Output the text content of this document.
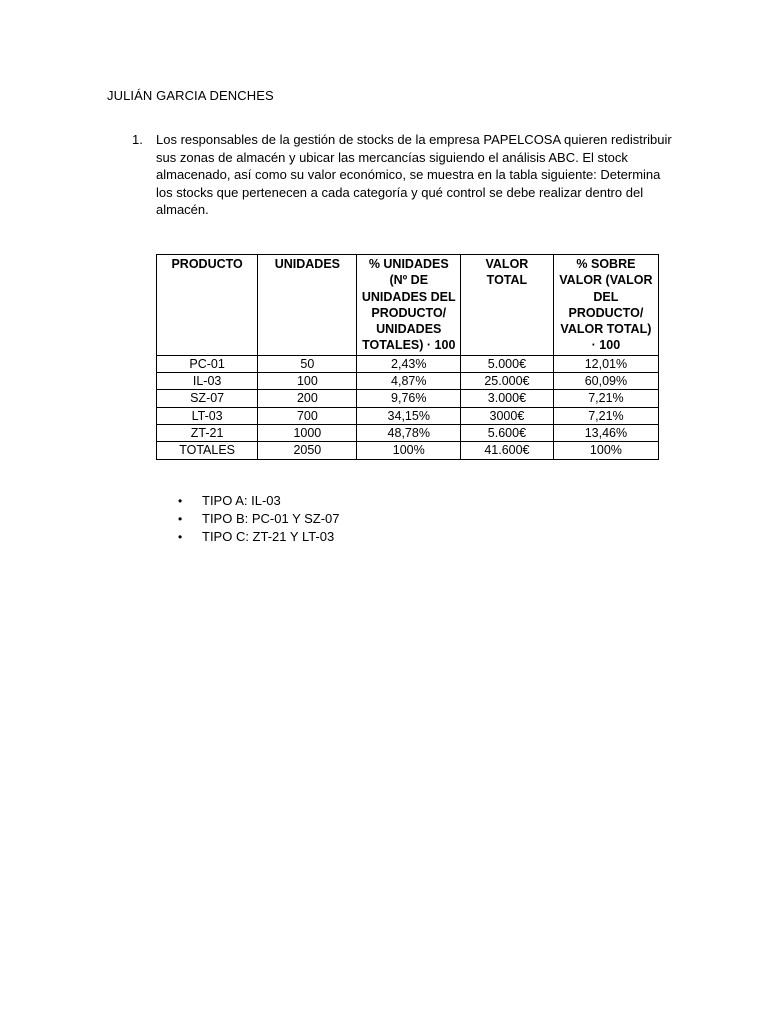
JULIÁN GARCIA DENCHES
1. Los responsables de la gestión de stocks de la empresa PAPELCOSA quieren redistribuir sus zonas de almacén y ubicar las mercancías siguiendo el análisis ABC. El stock almacenado, así como su valor económico, se muestra en la tabla siguiente: Determina los stocks que pertenecen a cada categoría y qué control se debe realizar dentro del almacén.

PRODUCTO	UNIDADES	% UNIDADES (Nº DE UNIDADES DEL PRODUCTO/ UNIDADES TOTALES) · 100	VALOR TOTAL	% SOBRE VALOR (VALOR DEL PRODUCTO/ VALOR TOTAL) · 100
PC-01	50	2,43%	5.000€	12,01%
IL-03	100	4,87%	25.000€	60,09%
SZ-07	200	9,76%	3.000€	7,21%
LT-03	700	34,15%	3000€	7,21%
ZT-21	1000	48,78%	5.600€	13,46%
TOTALES	2050	100%	41.600€	100%
• TIPO A: IL-03
• TIPO B: PC-01 Y SZ-07
• TIPO C: ZT-21 Y LT-03
